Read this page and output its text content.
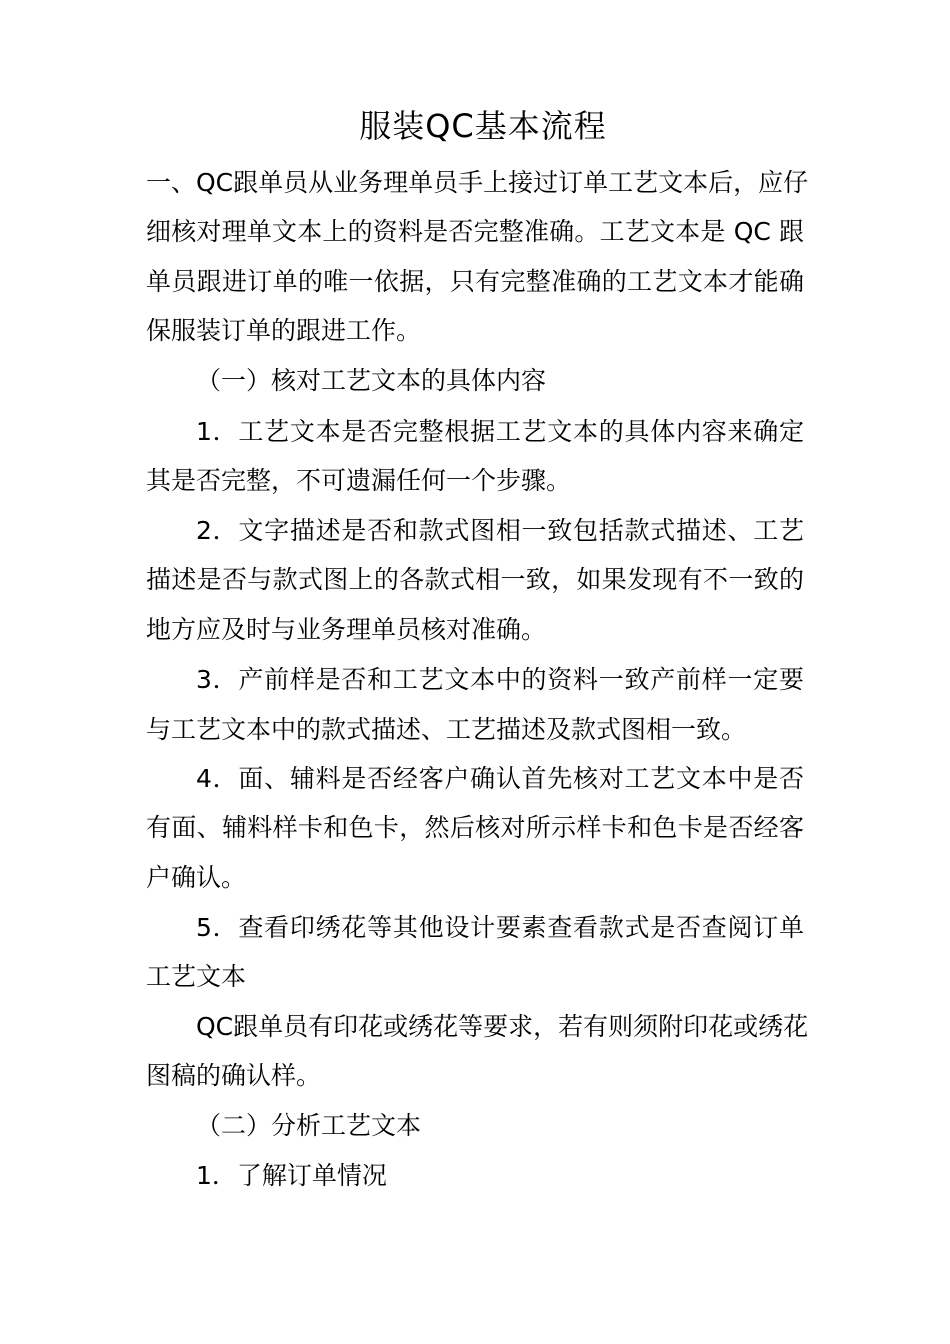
服装QC基本流程
一、QC跟单员从业务理单员手上接过订单工艺文本后，应仔
细核对理单文本上的资料是否完整准确。工艺文本是 QC 跟
单员跟进订单的唯一依据，只有完整准确的工艺文本才能确
保服装订单的跟进工作。
（一）核对工艺文本的具体内容
1．工艺文本是否完整根据工艺文本的具体内容来确定
其是否完整，不可遗漏任何一个步骤。
2．文字描述是否和款式图相一致包括款式描述、工艺
描述是否与款式图上的各款式相一致，如果发现有不一致的
地方应及时与业务理单员核对准确。
3．产前样是否和工艺文本中的资料一致产前样一定要
与工艺文本中的款式描述、工艺描述及款式图相一致。
4．面、辅料是否经客户确认首先核对工艺文本中是否
有面、辅料样卡和色卡，然后核对所示样卡和色卡是否经客
户确认。
5．查看印绣花等其他设计要素查看款式是否查阅订单
工艺文本
QC跟单员有印花或绣花等要求，若有则须附印花或绣花
图稿的确认样。
（二）分析工艺文本
1．了解订单情况
